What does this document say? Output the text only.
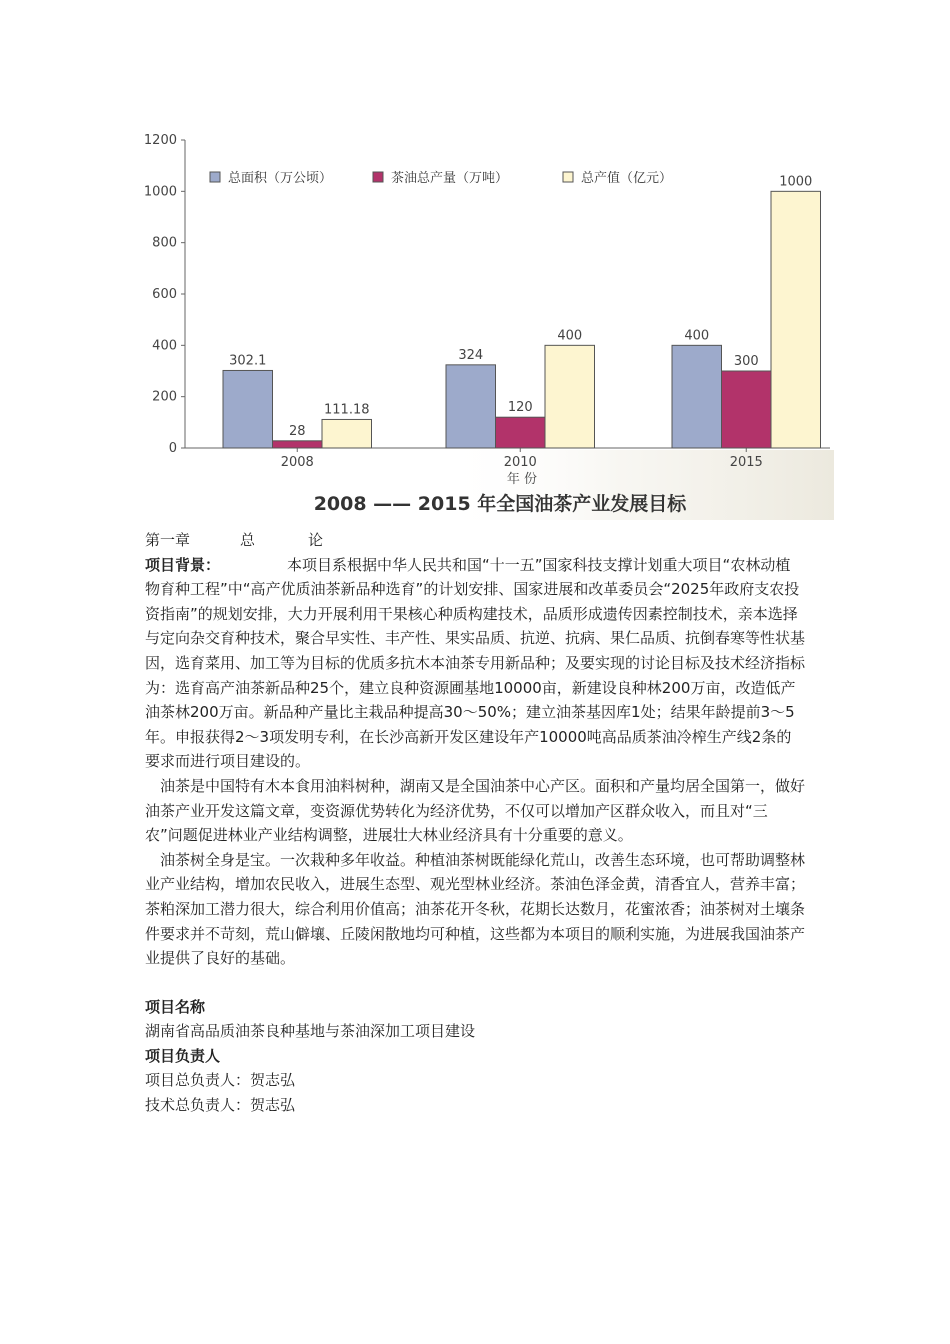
0
200
400
600
800
1000
1200
2008	2010	2015
302.1
28
111.18
324
120
400	400
300
1000
总面积（万公顷）	茶油总产量（万吨）	总产值（亿元）
年 份
2008 —— 2015 年全国油茶产业发展目标

第一章	总	论

项目背景：	本项目系根据中华人民共和国“十一五”国家科技支撑计划重大项目“农林动植物育种工程”中“高产优质油茶新品种选育”的计划安排、国家进展和改革委员会“2025年政府支农投资指南”的规划安排，大力开展利用干果核心种质构建技术，品质形成遗传因素控制技术，亲本选择与定向杂交育种技术，聚合早实性、丰产性、果实品质、抗逆、抗病、果仁品质、抗倒春寒等性状基因，选育菜用、加工等为目标的优质多抗木本油茶专用新品种；及要实现的讨论目标及技术经济指标为：选育高产油茶新品种25个，建立良种资源圃基地10000亩，新建设良种林200万亩，改造低产油茶林200万亩。新品种产量比主栽品种提高30～50%；建立油茶基因库1处；结果年龄提前3～5年。申报获得2～3项发明专利，在长沙高新开发区建设年产10000吨高品质茶油冷榨生产线2条的要求而进行项目建设的。

油茶是中国特有木本食用油料树种，湖南又是全国油茶中心产区。面积和产量均居全国第一，做好油茶产业开发这篇文章，变资源优势转化为经济优势，不仅可以增加产区群众收入，而且对“三农”问题促进林业产业结构调整，进展壮大林业经济具有十分重要的意义。

油茶树全身是宝。一次栽种多年收益。种植油茶树既能绿化荒山，改善生态环境，也可帮助调整林业产业结构，增加农民收入，进展生态型、观光型林业经济。茶油色泽金黄，清香宜人，营养丰富；茶粕深加工潜力很大，综合利用价值高；油茶花开冬秋，花期长达数月，花蜜浓香；油茶树对土壤条件要求并不苛刻，荒山僻壤、丘陵闲散地均可种植，这些都为本项目的顺利实施，为进展我国油茶产业提供了良好的基础。

项目名称

湖南省高品质油茶良种基地与茶油深加工项目建设

项目负责人

项目总负责人：贺志弘

技术总负责人：贺志弘
